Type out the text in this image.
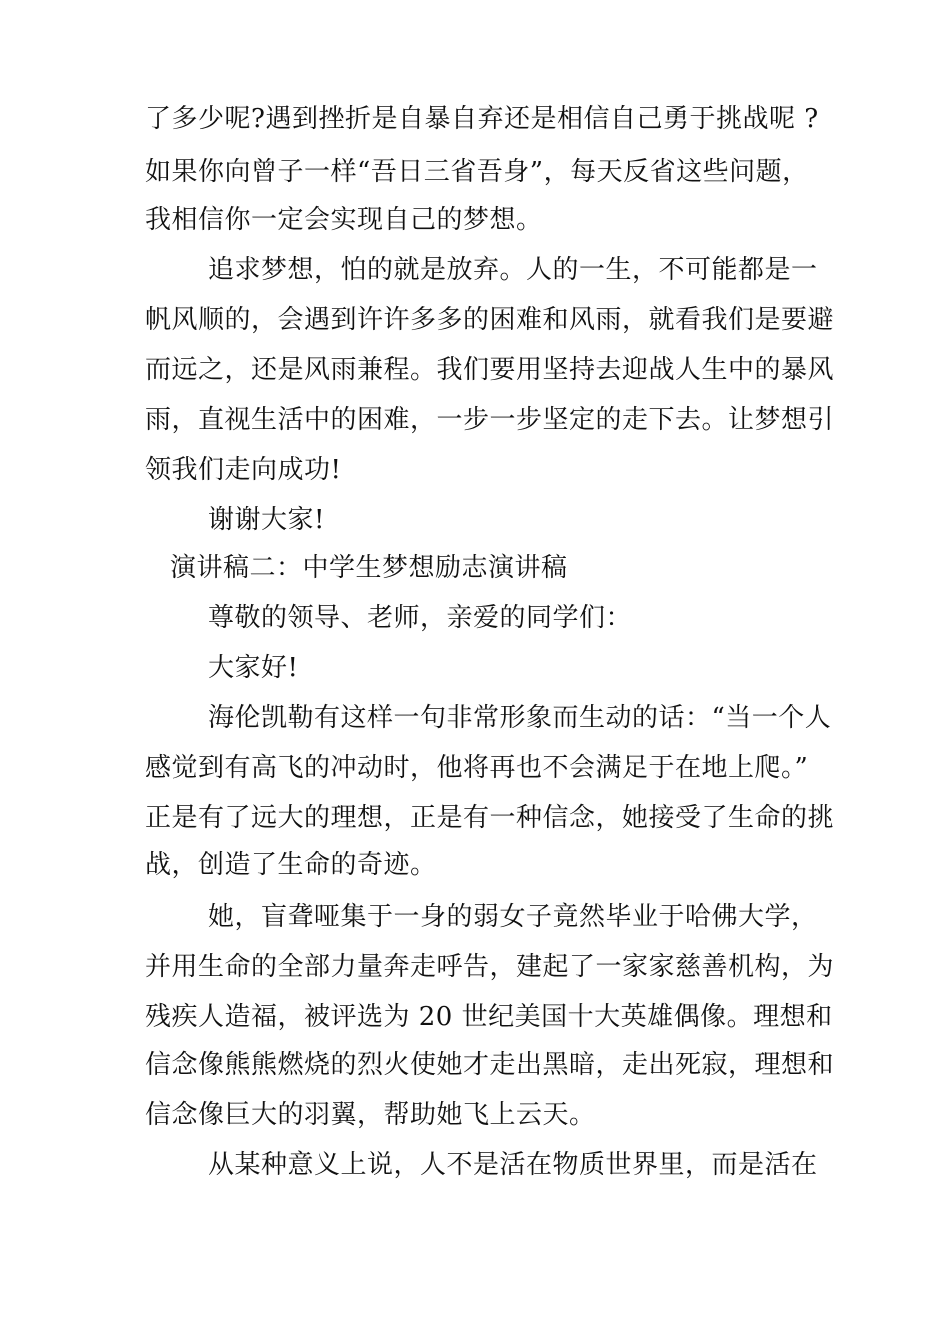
了多少呢?遇到挫折是自暴自弃还是相信自己勇于挑战呢 ?
如果你向曾子一样“吾日三省吾身”，每天反省这些问题，
我相信你一定会实现自己的梦想。
追求梦想，怕的就是放弃。人的一生，不可能都是一
帆风顺的，会遇到许许多多的困难和风雨，就看我们是要避
而远之，还是风雨兼程。我们要用坚持去迎战人生中的暴风
雨，直视生活中的困难，一步一步坚定的走下去。让梦想引
领我们走向成功!
谢谢大家!
演讲稿二：中学生梦想励志演讲稿
尊敬的领导、老师，亲爱的同学们：
大家好!
海伦凯勒有这样一句非常形象而生动的话：“当一个人
感觉到有高飞的冲动时，他将再也不会满足于在地上爬。”
正是有了远大的理想，正是有一种信念，她接受了生命的挑
战，创造了生命的奇迹。
她，盲聋哑集于一身的弱女子竟然毕业于哈佛大学，
并用生命的全部力量奔走呼告，建起了一家家慈善机构，为
残疾人造福，被评选为 20 世纪美国十大英雄偶像。理想和
信念像熊熊燃烧的烈火使她才走出黑暗，走出死寂，理想和
信念像巨大的羽翼，帮助她飞上云天。
从某种意义上说，人不是活在物质世界里，而是活在
